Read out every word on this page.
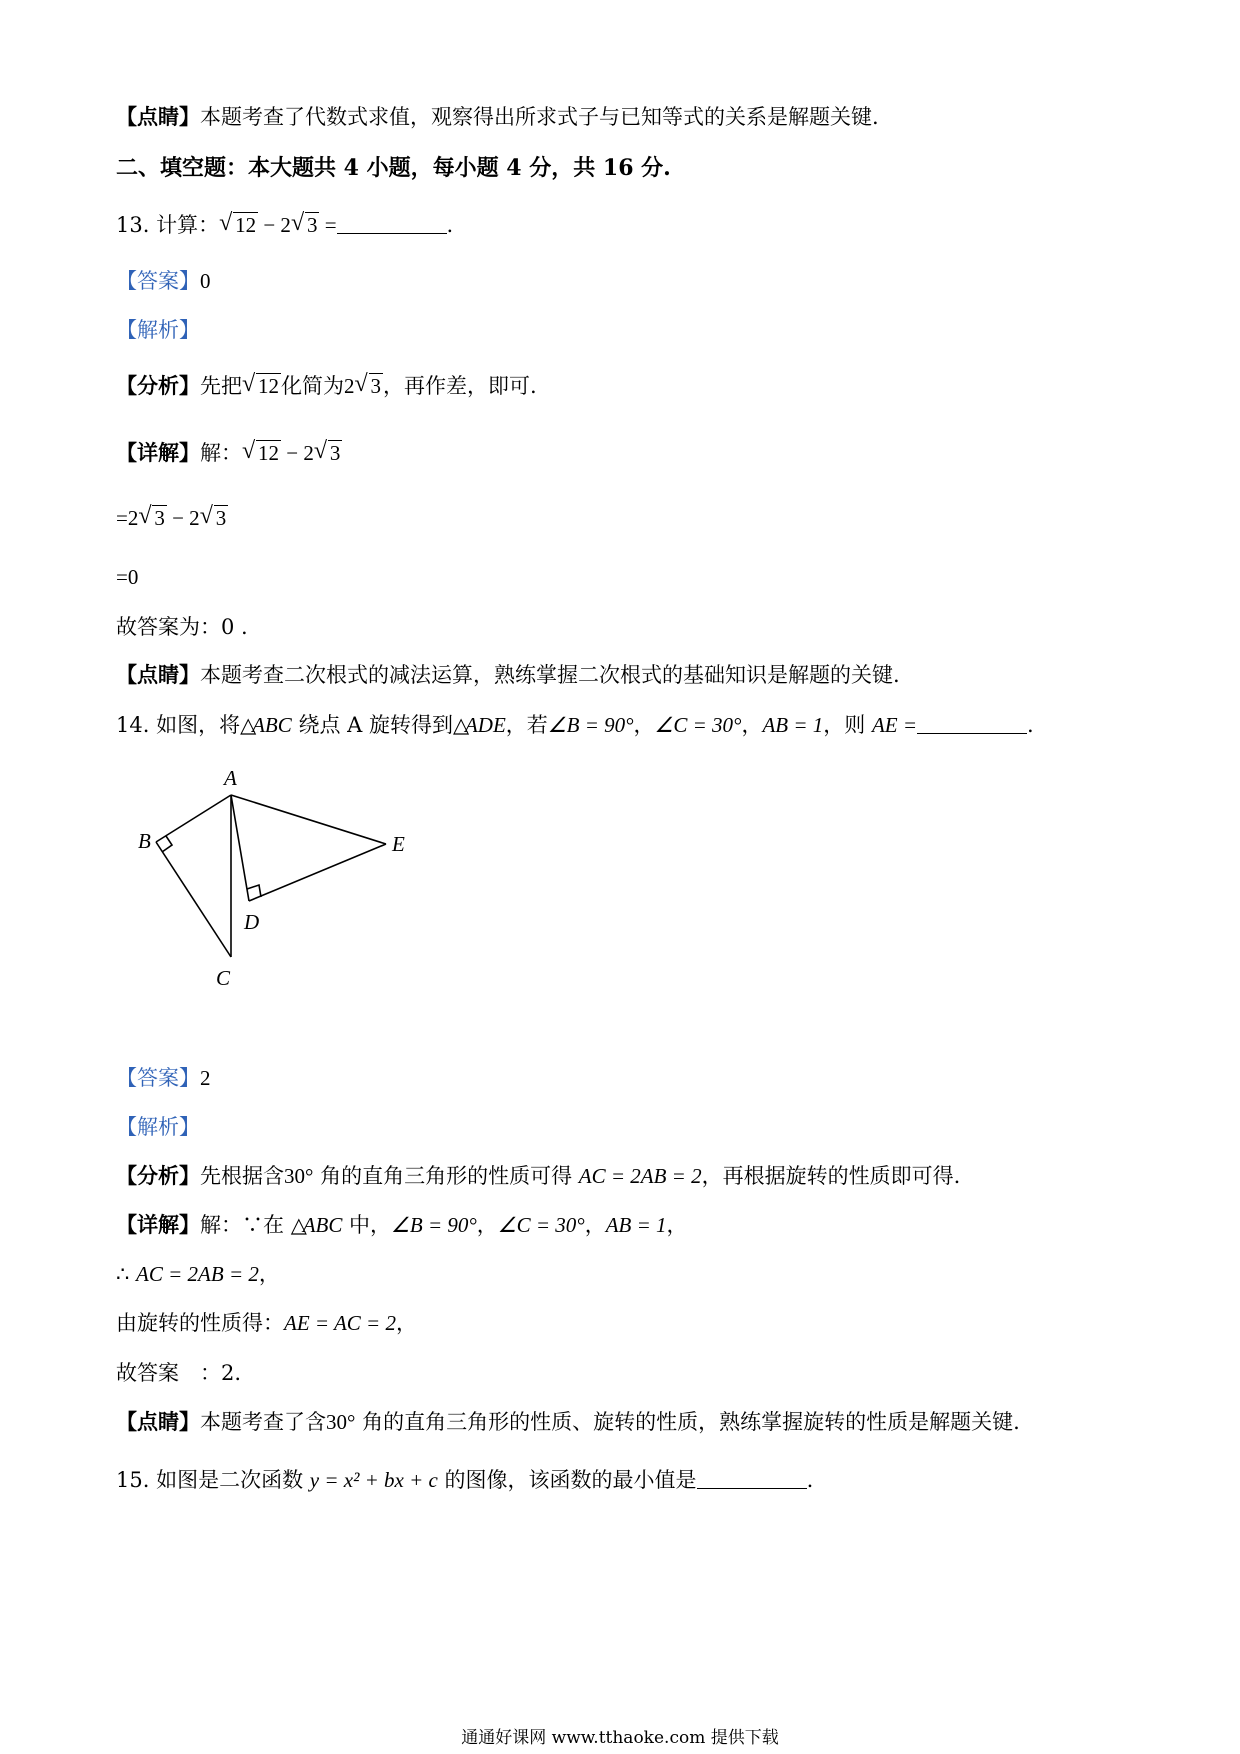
【点睛】本题考查了代数式求值，观察得出所求式子与已知等式的关系是解题关键.
二、填空题：本大题共 4 小题，每小题 4 分，共 16 分.
13. 计算： √ 12 − 2 √ 3 =	.
【答案】0
【解析】
【分析】先把 √ 12化简为2 √ 3，再作差，即可.
【详解】解： √ 12 − 2 √ 3
=2 √ 3 − 2 √ 3
=0
故答案为：0 .
【点睛】本题考查二次根式的减法运算，熟练掌握二次根式的基础知识是解题的关键.
14. 如图，将△ABC 绕点 A 旋转得到△ADE，若∠B = 90°，∠C = 30°，AB = 1，则 AE =	.
A
B
C
D
E
【答案】2
【解析】
【分析】先根据含30° 角的直角三角形的性质可得 AC = 2AB = 2，再根据旋转的性质即可得.
【详解】解：∵在 △ABC 中，∠B = 90°，∠C = 30°，AB = 1，
∴ AC = 2AB = 2，
由旋转的性质得：AE = AC = 2，
故答案　：2.
【点睛】本题考查了含30° 角的直角三角形的性质、旋转的性质，熟练掌握旋转的性质是解题关键.
15. 如图是二次函数 y = x² + bx + c 的图像，该函数的最小值是	.
通通好课网 www.tthaoke.com 提供下载
